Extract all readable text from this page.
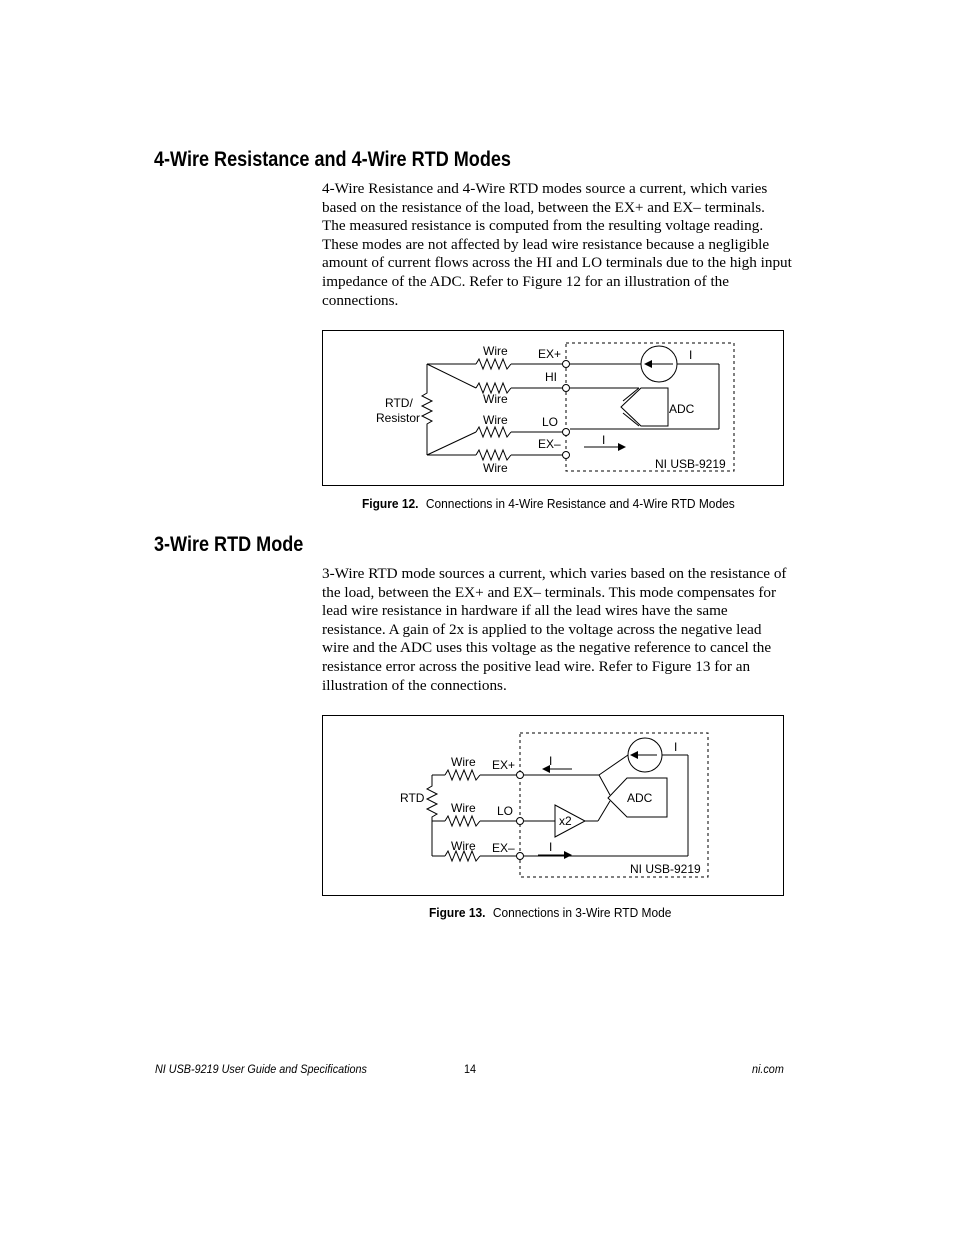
4-Wire Resistance and 4-Wire RTD Modes

4-Wire Resistance and 4-Wire RTD modes source a current, which varies based on the resistance of the load, between the EX+ and EX– terminals. The measured resistance is computed from the resulting voltage reading. These modes are not affected by lead wire resistance because a negligible amount of current flows across the HI and LO terminals due to the high input impedance of the ADC. Refer to Figure 12 for an illustration of the connections.

Wire
Wire
Wire
Wire
RTD/
Resistor
EX+
HI
LO
EX–
I
I
ADC
NI USB-9219
Figure 12. Connections in 4-Wire Resistance and 4-Wire RTD Modes
3-Wire RTD Mode

3-Wire RTD mode sources a current, which varies based on the resistance of the load, between the EX+ and EX– terminals. This mode compensates for lead wire resistance in hardware if all the lead wires have the same resistance. A gain of 2x is applied to the voltage across the negative lead wire and the ADC uses this voltage as the negative reference to cancel the resistance error across the positive lead wire. Refer to Figure 13 for an illustration of the connections.

Wire
Wire
Wire
RTD
EX+
LO
EX–
I
I
I
ADC
x2
NI USB-9219
Figure 13. Connections in 3-Wire RTD Mode
NI USB-9219 User Guide and Specifications	14	ni.com
